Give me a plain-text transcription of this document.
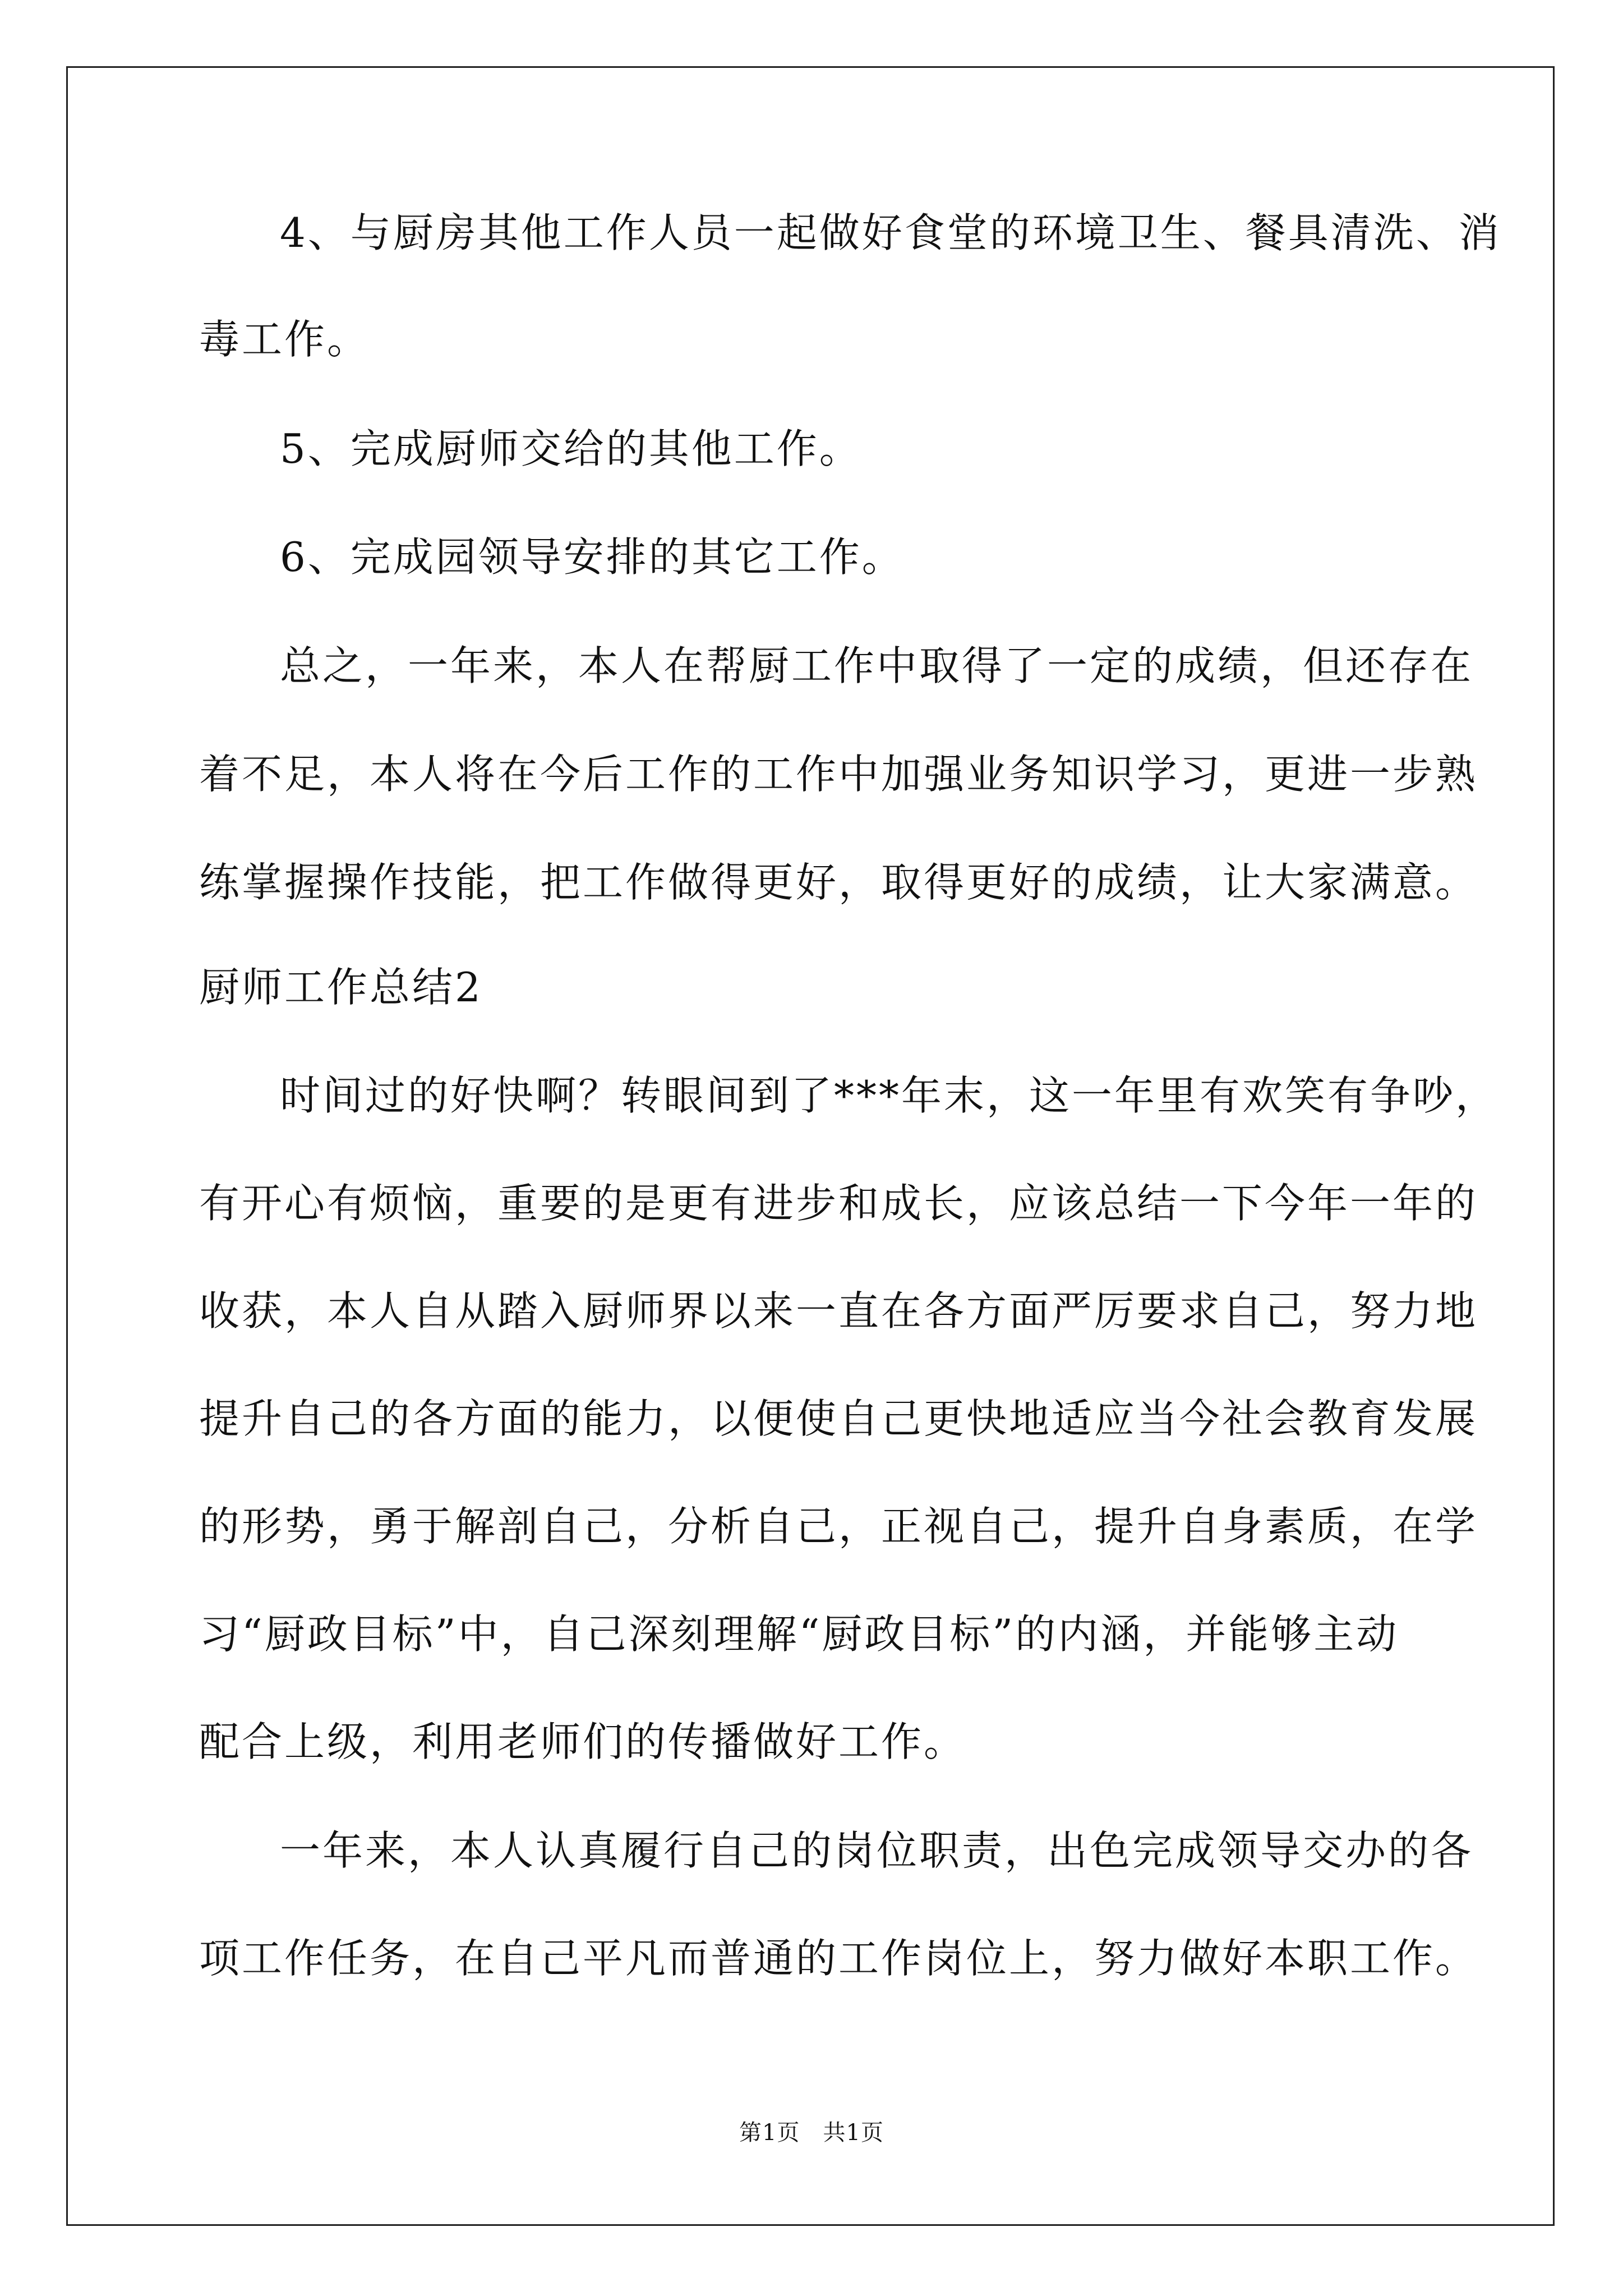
4、与厨房其他工作人员一起做好食堂的环境卫生、餐具清洗、消
毒工作。
5、完成厨师交给的其他工作。
6、完成园领导安排的其它工作。
总之，一年来，本人在帮厨工作中取得了一定的成绩，但还存在
着不足，本人将在今后工作的工作中加强业务知识学习，更进一步熟
练掌握操作技能，把工作做得更好，取得更好的成绩，让大家满意。
厨师工作总结2
时间过的好快啊？转眼间到了***年末，这一年里有欢笑有争吵，
有开心有烦恼，重要的是更有进步和成长，应该总结一下今年一年的
收获，本人自从踏入厨师界以来一直在各方面严厉要求自己，努力地
提升自己的各方面的能力，以便使自己更快地适应当今社会教育发展
的形势，勇于解剖自己，分析自己，正视自己，提升自身素质，在学
习“厨政目标”中，自己深刻理解“厨政目标”的内涵，并能够主动
配合上级，利用老师们的传播做好工作。
一年来，本人认真履行自己的岗位职责，出色完成领导交办的各
项工作任务，在自己平凡而普通的工作岗位上，努力做好本职工作。
第1页　共1页
